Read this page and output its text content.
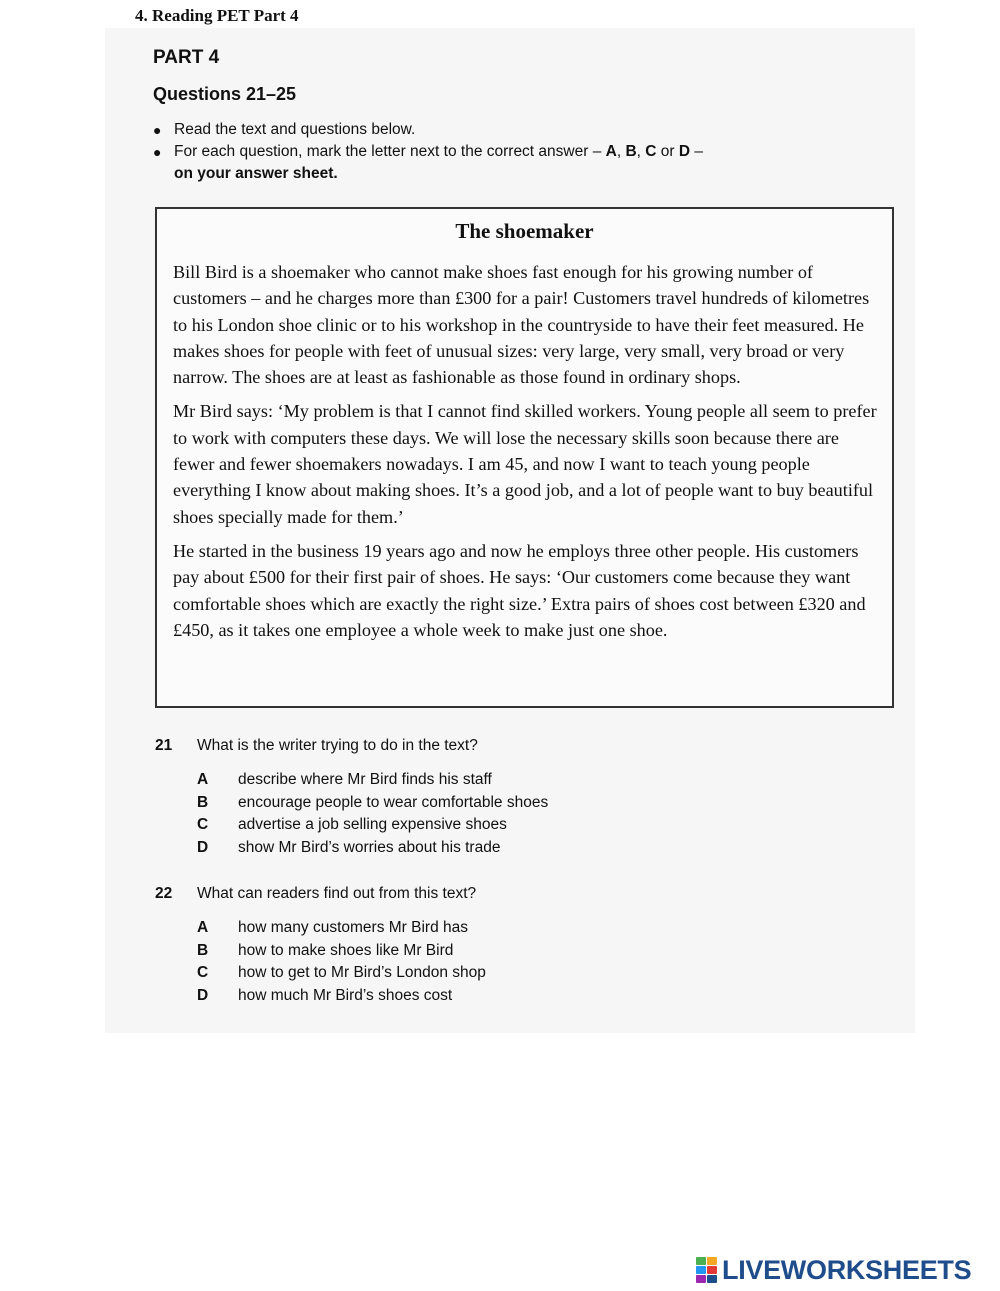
4. Reading PET Part 4
PART 4
Questions 21–25
● Read the text and questions below.
● For each question, mark the letter next to the correct answer – A, B, C or D –
on your answer sheet.
The shoemaker

Bill Bird is a shoemaker who cannot make shoes fast enough for his growing number of customers – and he charges more than £300 for a pair! Customers travel hundreds of kilometres to his London shoe clinic or to his workshop in the countryside to have their feet measured. He makes shoes for people with feet of unusual sizes: very large, very small, very broad or very narrow. The shoes are at least as fashionable as those found in ordinary shops.

Mr Bird says: ‘My problem is that I cannot find skilled workers. Young people all seem to prefer to work with computers these days. We will lose the necessary skills soon because there are fewer and fewer shoemakers nowadays. I am 45, and now I want to teach young people everything I know about making shoes. It’s a good job, and a lot of people want to buy beautiful shoes specially made for them.’

He started in the business 19 years ago and now he employs three other people. His customers pay about £500 for their first pair of shoes. He says: ‘Our customers come because they want comfortable shoes which are exactly the right size.’ Extra pairs of shoes cost between £320 and £450, as it takes one employee a whole week to make just one shoe.

21 What is the writer trying to do in the text?
A describe where Mr Bird finds his staff
B encourage people to wear comfortable shoes
C advertise a job selling expensive shoes
D show Mr Bird’s worries about his trade
22 What can readers find out from this text?
A how many customers Mr Bird has
B how to make shoes like Mr Bird
C how to get to Mr Bird’s London shop
D how much Mr Bird’s shoes cost
LIVEWORKSHEETS
